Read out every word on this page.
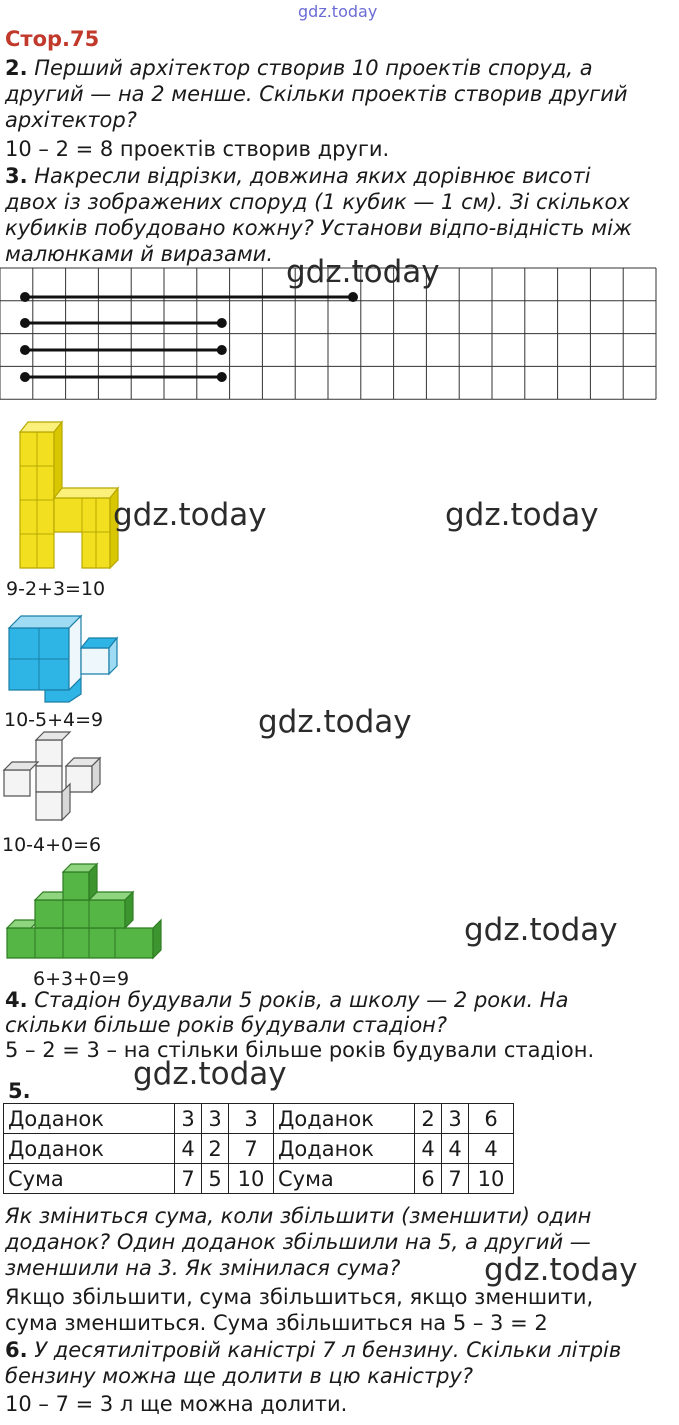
gdz.today
Стор.75
2. Перший архітектор створив 10 проектів споруд, а
другий — на 2 менше. Скільки проектів створив другий
архітектор?
10 – 2 = 8 проектів створив други.
3. Накресли відрізки, довжина яких дорівнює висоті
двох із зображених споруд (1 кубик — 1 см). Зі скількох
кубиків побудовано кожну? Установи відпо-відність між
малюнками й виразами. gdz.today
gdz.today	gdz.today
9-2+3=10
10-5+4=9	gdz.today
10-4+0=6
gdz.today
6+3+0=9
4. Стадіон будували 5 років, а школу — 2 роки. На
скільки більше років будували стадіон?
5 – 2 = 3 – на стільки більше років будували стадіон.
gdz.today
5.
Доданок	3	3	3	Доданок	2	3	6
Доданок	4	2	7	Доданок	4	4	4
Сума	7	5	10	Сума	6	7	10
Як зміниться сума, коли збільшити (зменшити) один
доданок? Один доданок збільшили на 5, а другий —
зменшили на 3. Як змінилася сума?	gdz.today
Якщо збільшити, сума збільшиться, якщо зменшити,
сума зменшиться. Сума збільшиться на 5 – 3 = 2
6. У десятилітровій каністрі 7 л бензину. Скільки літрів
бензину можна ще долити в цю каністру?
10 – 7 = 3 л ще можна долити.
